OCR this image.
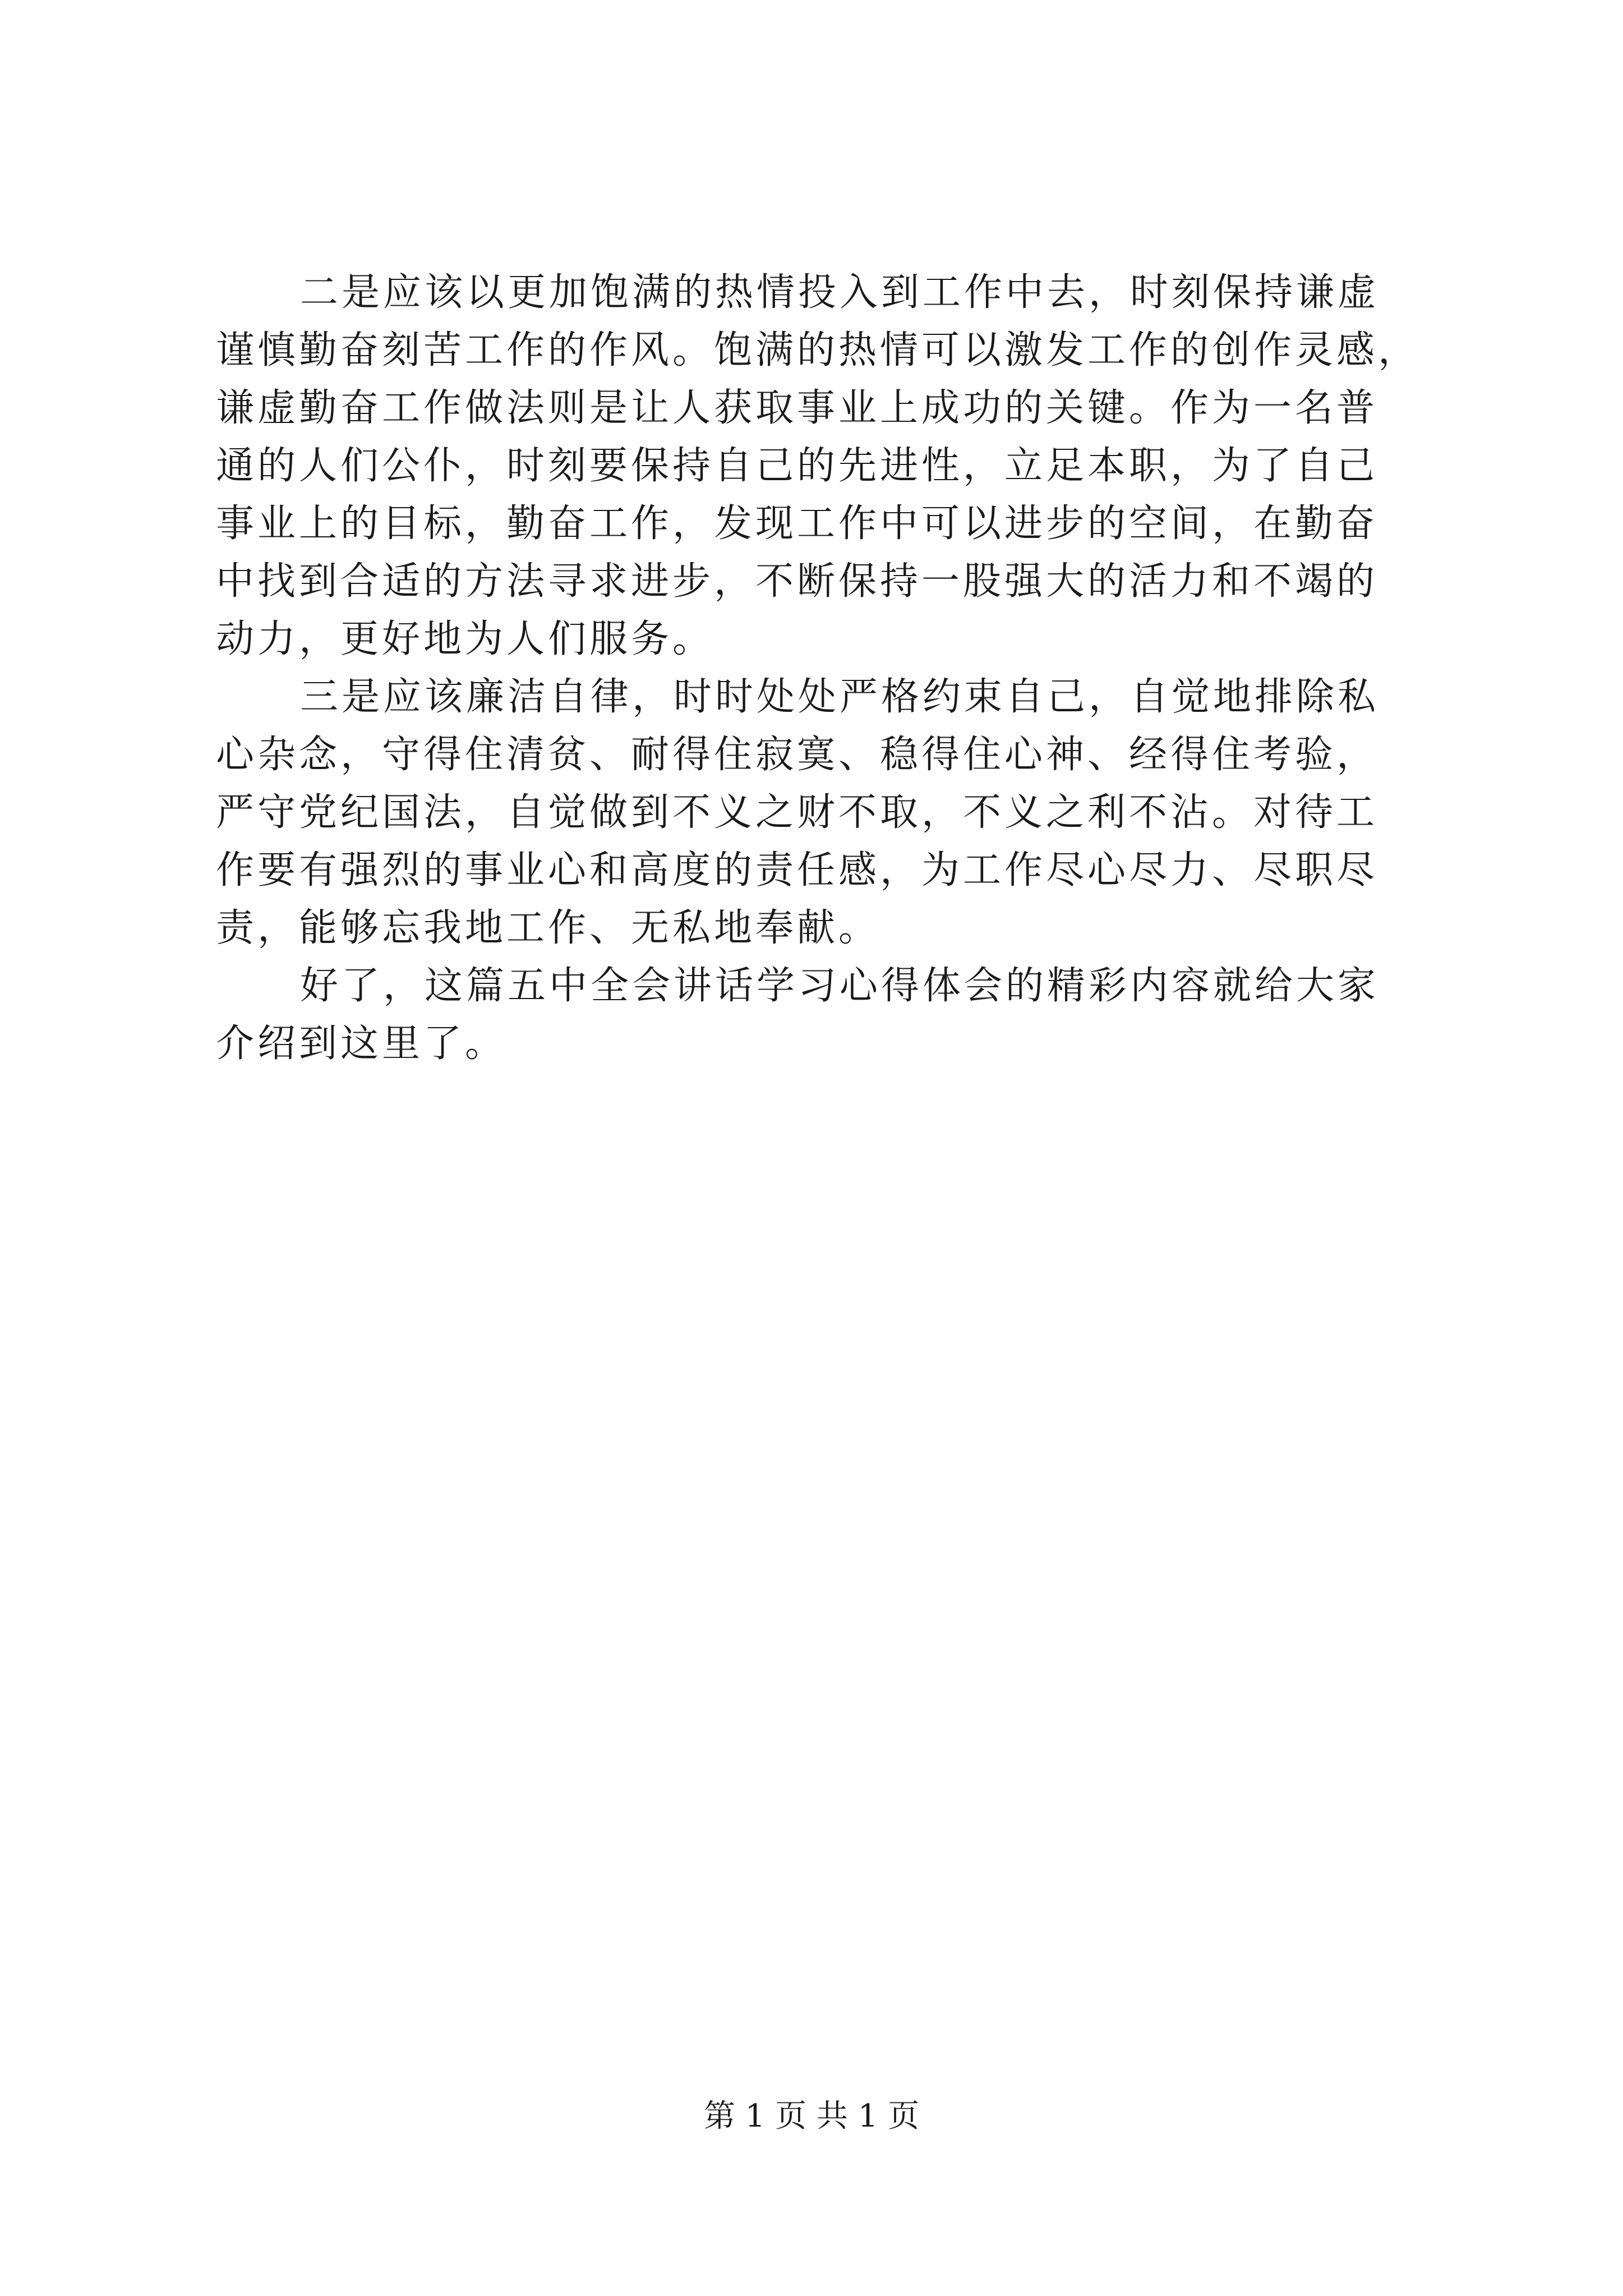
二是应该以更加饱满的热情投入到工作中去，时刻保持谦虚
谨慎勤奋刻苦工作的作风。饱满的热情可以激发工作的创作灵感，
谦虚勤奋工作做法则是让人获取事业上成功的关键。作为一名普
通的人们公仆，时刻要保持自己的先进性，立足本职，为了自己
事业上的目标，勤奋工作，发现工作中可以进步的空间，在勤奋
中找到合适的方法寻求进步，不断保持一股强大的活力和不竭的
动力，更好地为人们服务。
三是应该廉洁自律，时时处处严格约束自己，自觉地排除私
心杂念，守得住清贫、耐得住寂寞、稳得住心神、经得住考验，
严守党纪国法，自觉做到不义之财不取，不义之利不沾。对待工
作要有强烈的事业心和高度的责任感，为工作尽心尽力、尽职尽
责，能够忘我地工作、无私地奉献。
好了，这篇五中全会讲话学习心得体会的精彩内容就给大家
介绍到这里了。
第 1 页 共 1 页
